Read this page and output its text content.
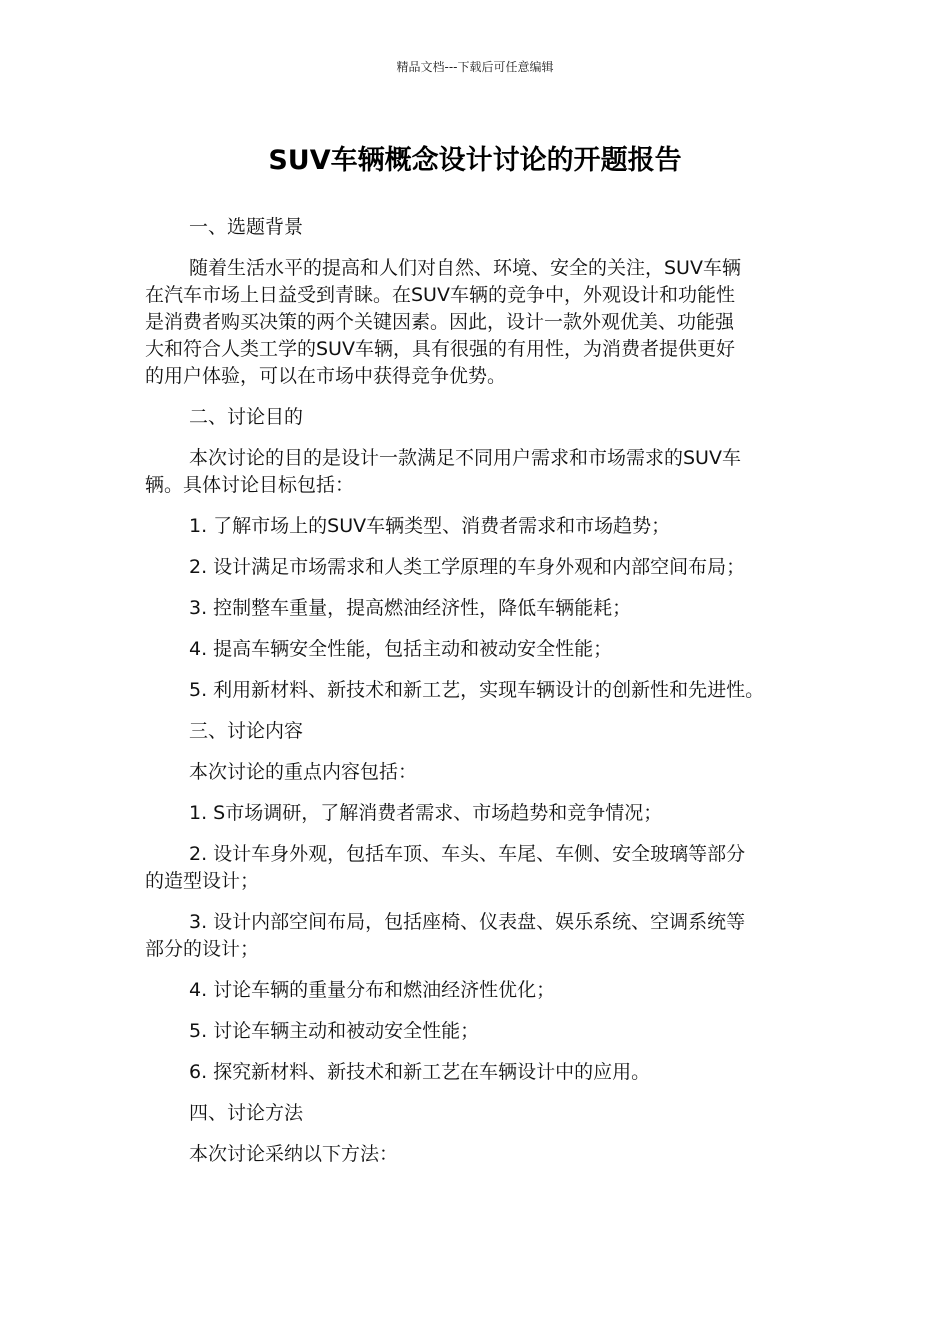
精品文档---下载后可任意编辑
SUV车辆概念设计讨论的开题报告

一、选题背景

随着生活水平的提高和人们对自然、环境、安全的关注，SUV车辆

在汽车市场上日益受到青睐。在SUV车辆的竞争中，外观设计和功能性

是消费者购买决策的两个关键因素。因此，设计一款外观优美、功能强

大和符合人类工学的SUV车辆，具有很强的有用性，为消费者提供更好

的用户体验，可以在市场中获得竞争优势。

二、讨论目的

本次讨论的目的是设计一款满足不同用户需求和市场需求的SUV车

辆。具体讨论目标包括：

1. 了解市场上的SUV车辆类型、消费者需求和市场趋势；

2. 设计满足市场需求和人类工学原理的车身外观和内部空间布局；

3. 控制整车重量，提高燃油经济性，降低车辆能耗；

4. 提高车辆安全性能，包括主动和被动安全性能；

5. 利用新材料、新技术和新工艺，实现车辆设计的创新性和先进性。

三、讨论内容

本次讨论的重点内容包括：

1. S市场调研，了解消费者需求、市场趋势和竞争情况；

2. 设计车身外观，包括车顶、车头、车尾、车侧、安全玻璃等部分

的造型设计；

3. 设计内部空间布局，包括座椅、仪表盘、娱乐系统、空调系统等

部分的设计；

4. 讨论车辆的重量分布和燃油经济性优化；

5. 讨论车辆主动和被动安全性能；

6. 探究新材料、新技术和新工艺在车辆设计中的应用。

四、讨论方法

本次讨论采纳以下方法：
